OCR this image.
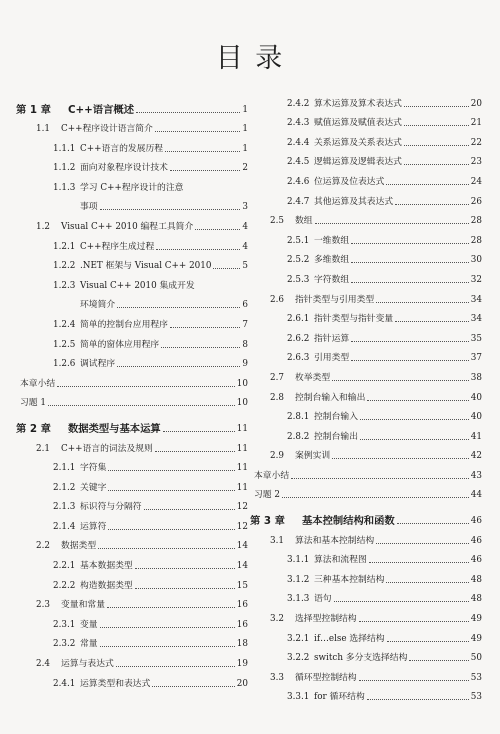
目 录
第 1 章	C++语言概述	1
1.1	C++程序设计语言简介	1
1.1.1 C++语言的发展历程	1
1.1.2 面向对象程序设计技术	2
1.1.3 学习 C++程序设计的注意
事项	3
1.2	Visual C++ 2010 编程工具简介	4
1.2.1 C++程序生成过程	4
1.2.2 .NET 框架与 Visual C++ 2010	5
1.2.3 Visual C++ 2010 集成开发
环境简介	6
1.2.4 简单的控制台应用程序	7
1.2.5 简单的窗体应用程序	8
1.2.6 调试程序	9
本章小结	10
习题 1	10
第 2 章	数据类型与基本运算	11
2.1	C++语言的词法及规则	11
2.1.1 字符集	11
2.1.2 关键字	11
2.1.3 标识符与分隔符	12
2.1.4 运算符	12
2.2	数据类型	14
2.2.1 基本数据类型	14
2.2.2 构造数据类型	15
2.3	变量和常量	16
2.3.1 变量	16
2.3.2 常量	18
2.4	运算与表达式	19
2.4.1 运算类型和表达式	20
2.4.2 算术运算及算术表达式	20
2.4.3 赋值运算及赋值表达式	21
2.4.4 关系运算及关系表达式	22
2.4.5 逻辑运算及逻辑表达式	23
2.4.6 位运算及位表达式	24
2.4.7 其他运算及其表达式	26
2.5	数组	28
2.5.1 一维数组	28
2.5.2 多维数组	30
2.5.3 字符数组	32
2.6	指针类型与引用类型	34
2.6.1 指针类型与指针变量	34
2.6.2 指针运算	35
2.6.3 引用类型	37
2.7	枚举类型	38
2.8	控制台输入和输出	40
2.8.1 控制台输入	40
2.8.2 控制台输出	41
2.9	案例实训	42
本章小结	43
习题 2	44
第 3 章	基本控制结构和函数	46
3.1	算法和基本控制结构	46
3.1.1 算法和流程图	46
3.1.2 三种基本控制结构	48
3.1.3 语句	48
3.2	选择型控制结构	49
3.2.1 if…else 选择结构	49
3.2.2 switch 多分支选择结构	50
3.3	循环型控制结构	53
3.3.1 for 循环结构	53
